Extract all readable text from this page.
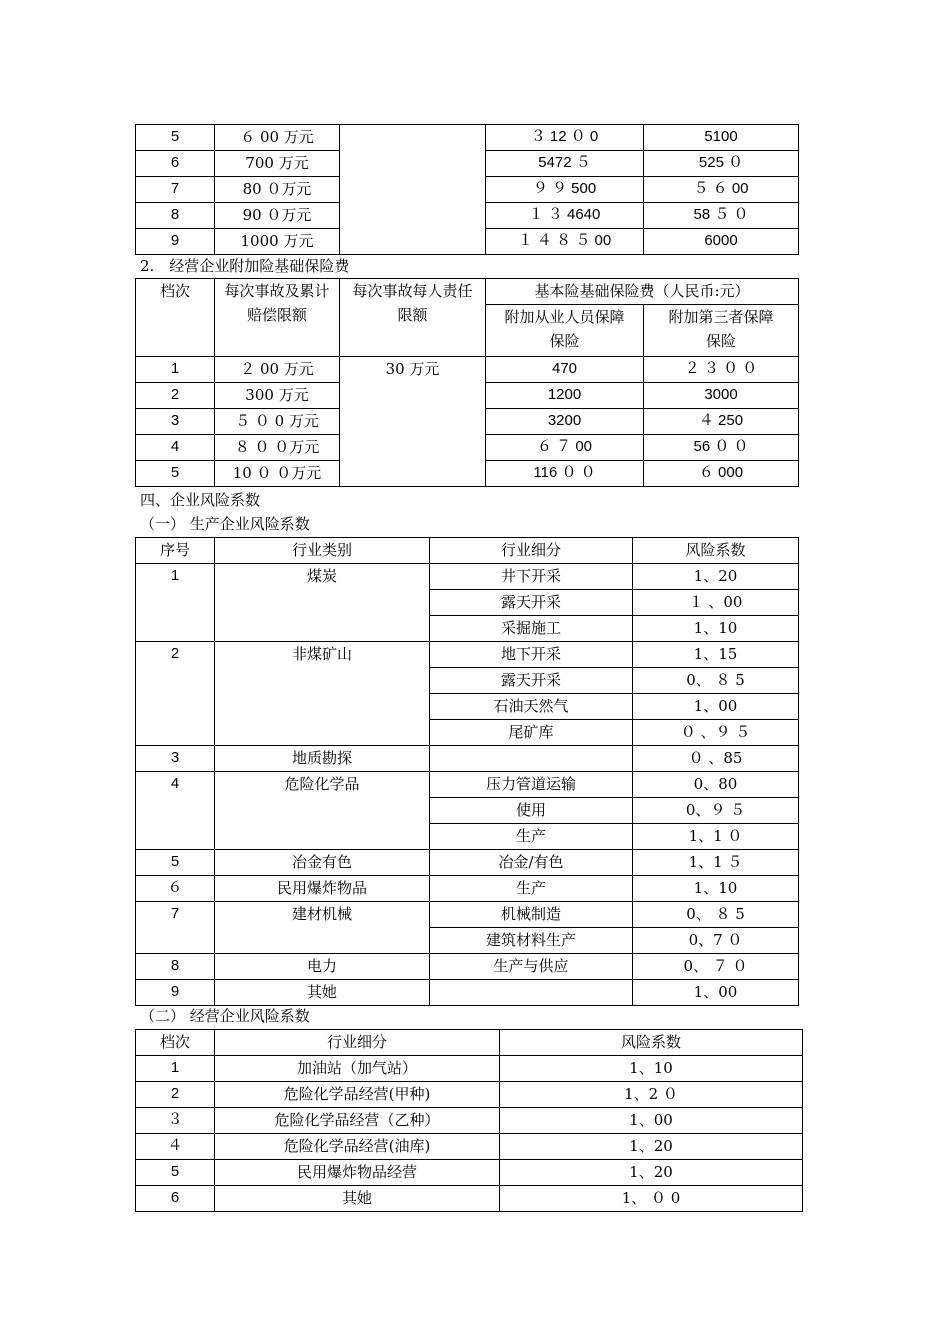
5	６ 00 万元		３ 12 ０ 0	5100
6	700 万元		5472 ５	525 ０
7	80 ０万元		９ ９ 500	５ ６ 00
8	90 ０万元		１ ３ 4640	58 ５ ０
9	1000 万元		１ ４ ８ ５ 00	6000
2.　经营企业附加险基础保险费
档次	每次事故及累计赔偿限额	每次事故每人责任限额	基本险基础保险费（人民币:元）	
			附加从业人员保障保险	附加第三者保障保险
1	２ 00 万元	30 万元	470	２ ３ ０ ０
2	300 万元		1200	3000
3	５ ０ 0 万元		3200	４ 250
4	８ ０ ０万元		６ ７ 00	56 ０ ０
5	10 ０ ０万元		116 ０ ０	６ 000
四、企业风险系数
（一） 生产企业风险系数
序号	行业类别	行业细分	风险系数
1	煤炭	井下开采	1、20
		露天开采	１ 、00
		采掘施工	1、10
2	非煤矿山	地下开采	1、15
		露天开采	0、 ８ 5
		石油天然气	1、00
		尾矿库	０ 、９ ５
3	地质勘探		０ 、85
4	危险化学品	压力管道运输	0、80
		使用	0、９ ５
		生产	1、1 ０
5	冶金有色	冶金/有色	1、1 ５
６	民用爆炸物品	生产	1、10
7	建材机械	机械制造	0、 ８ 5
		建筑材料生产	0、7 ０
8	电力	生产与供应	0、 ７ ０
9	其她		1、00
（二） 经营企业风险系数
档次	行业细分	风险系数
1	加油站（加气站）	1、10
2	危险化学品经营(甲种)	1、2 ０
３	危险化学品经营（乙种）	1、00
４	危险化学品经营(油库)	1、20
5	民用爆炸物品经营	1、20
6	其她	1、 ０ 0
